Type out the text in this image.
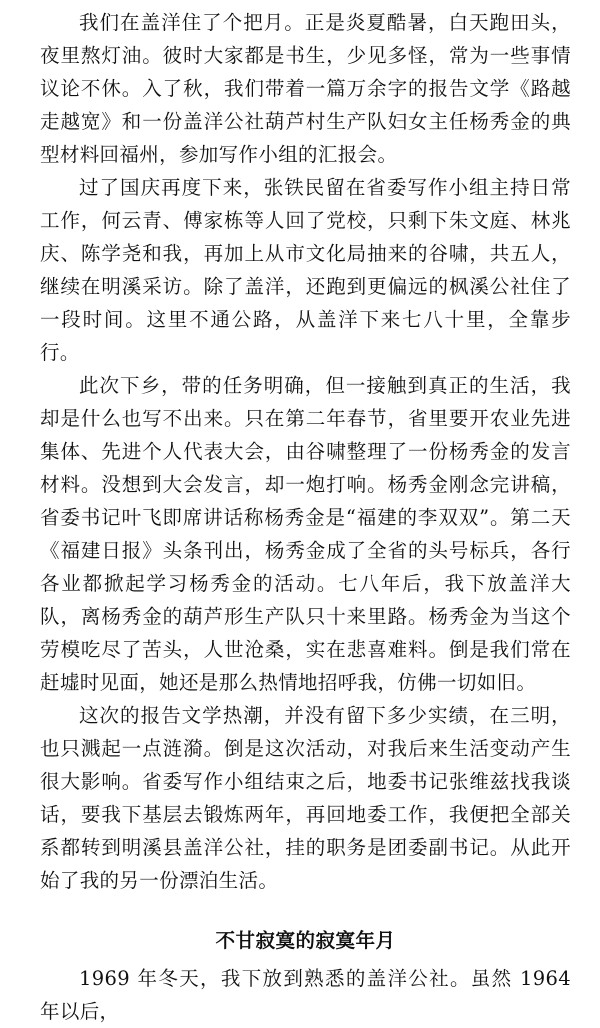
我们在盖洋住了个把月。正是炎夏酷暑，白天跑田头，夜里熬灯油。彼时大家都是书生，少见多怪，常为一些事情议论不休。入了秋，我们带着一篇万余字的报告文学《路越走越宽》和一份盖洋公社葫芦村生产队妇女主任杨秀金的典型材料回福州，参加写作小组的汇报会。

过了国庆再度下来，张铁民留在省委写作小组主持日常工作，何云青、傅家栋等人回了党校，只剩下朱文庭、林兆庆、陈学尧和我，再加上从市文化局抽来的谷啸，共五人，继续在明溪采访。除了盖洋，还跑到更偏远的枫溪公社住了一段时间。这里不通公路，从盖洋下来七八十里，全靠步行。

此次下乡，带的任务明确，但一接触到真正的生活，我却是什么也写不出来。只在第二年春节，省里要开农业先进集体、先进个人代表大会，由谷啸整理了一份杨秀金的发言材料。没想到大会发言，却一炮打响。杨秀金刚念完讲稿，省委书记叶飞即席讲话称杨秀金是“福建的李双双”。第二天《福建日报》头条刊出，杨秀金成了全省的头号标兵，各行各业都掀起学习杨秀金的活动。七八年后，我下放盖洋大队，离杨秀金的葫芦形生产队只十来里路。杨秀金为当这个劳模吃尽了苦头，人世沧桑，实在悲喜难料。倒是我们常在赶墟时见面，她还是那么热情地招呼我，仿佛一切如旧。

这次的报告文学热潮，并没有留下多少实绩，在三明，也只溅起一点涟漪。倒是这次活动，对我后来生活变动产生很大影响。省委写作小组结束之后，地委书记张维兹找我谈话，要我下基层去锻炼两年，再回地委工作，我便把全部关系都转到明溪县盖洋公社，挂的职务是团委副书记。从此开始了我的另一份漂泊生活。

不甘寂寞的寂寞年月

1969 年冬天，我下放到熟悉的盖洋公社。虽然 1964 年以后，
